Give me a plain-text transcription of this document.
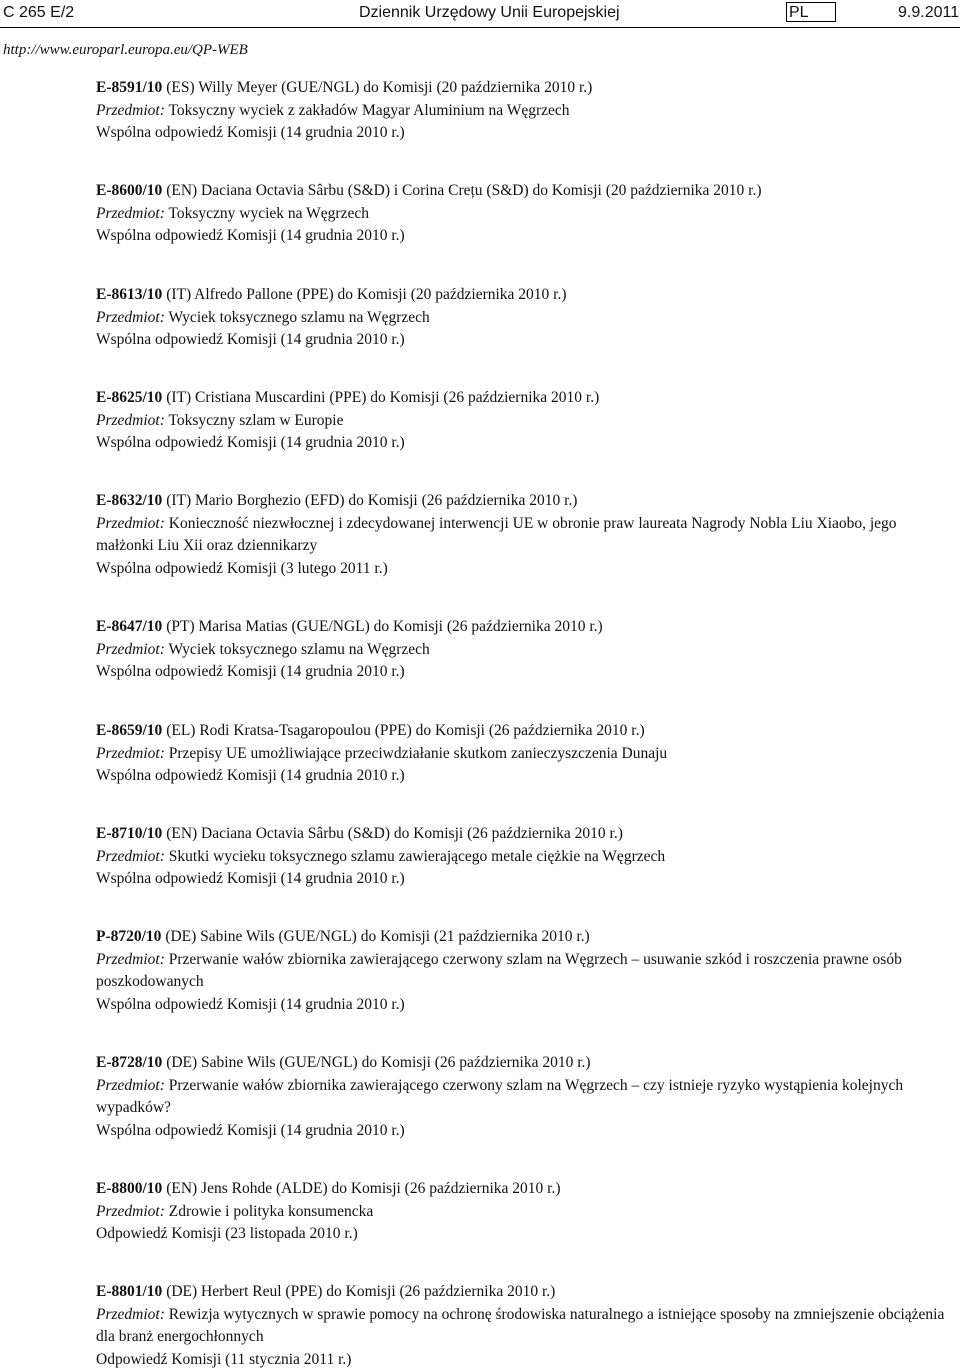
C 265 E/2	Dziennik Urzędowy Unii Europejskiej	PL	9.9.2011
http://www.europarl.europa.eu/QP-WEB
E-8591/10 (ES) Willy Meyer (GUE/NGL) do Komisji (20 października 2010 r.)
Przedmiot: Toksyczny wyciek z zakładów Magyar Aluminium na Węgrzech
Wspólna odpowiedź Komisji (14 grudnia 2010 r.)
E-8600/10 (EN) Daciana Octavia Sârbu (S&D) i Corina Crețu (S&D) do Komisji (20 października 2010 r.)
Przedmiot: Toksyczny wyciek na Węgrzech
Wspólna odpowiedź Komisji (14 grudnia 2010 r.)
E-8613/10 (IT) Alfredo Pallone (PPE) do Komisji (20 października 2010 r.)
Przedmiot: Wyciek toksycznego szlamu na Węgrzech
Wspólna odpowiedź Komisji (14 grudnia 2010 r.)
E-8625/10 (IT) Cristiana Muscardini (PPE) do Komisji (26 października 2010 r.)
Przedmiot: Toksyczny szlam w Europie
Wspólna odpowiedź Komisji (14 grudnia 2010 r.)
E-8632/10 (IT) Mario Borghezio (EFD) do Komisji (26 października 2010 r.)
Przedmiot: Konieczność niezwłocznej i zdecydowanej interwencji UE w obronie praw laureata Nagrody Nobla Liu Xiaobo, jego małżonki Liu Xii oraz dziennikarzy
Wspólna odpowiedź Komisji (3 lutego 2011 r.)
E-8647/10 (PT) Marisa Matias (GUE/NGL) do Komisji (26 października 2010 r.)
Przedmiot: Wyciek toksycznego szlamu na Węgrzech
Wspólna odpowiedź Komisji (14 grudnia 2010 r.)
E-8659/10 (EL) Rodi Kratsa-Tsagaropoulou (PPE) do Komisji (26 października 2010 r.)
Przedmiot: Przepisy UE umożliwiające przeciwdziałanie skutkom zanieczyszczenia Dunaju
Wspólna odpowiedź Komisji (14 grudnia 2010 r.)
E-8710/10 (EN) Daciana Octavia Sârbu (S&D) do Komisji (26 października 2010 r.)
Przedmiot: Skutki wycieku toksycznego szlamu zawierającego metale ciężkie na Węgrzech
Wspólna odpowiedź Komisji (14 grudnia 2010 r.)
P-8720/10 (DE) Sabine Wils (GUE/NGL) do Komisji (21 października 2010 r.)
Przedmiot: Przerwanie wałów zbiornika zawierającego czerwony szlam na Węgrzech – usuwanie szkód i roszczenia prawne osób poszkodowanych
Wspólna odpowiedź Komisji (14 grudnia 2010 r.)
E-8728/10 (DE) Sabine Wils (GUE/NGL) do Komisji (26 października 2010 r.)
Przedmiot: Przerwanie wałów zbiornika zawierającego czerwony szlam na Węgrzech – czy istnieje ryzyko wystąpienia kolejnych wypadków?
Wspólna odpowiedź Komisji (14 grudnia 2010 r.)
E-8800/10 (EN) Jens Rohde (ALDE) do Komisji (26 października 2010 r.)
Przedmiot: Zdrowie i polityka konsumencka
Odpowiedź Komisji (23 listopada 2010 r.)
E-8801/10 (DE) Herbert Reul (PPE) do Komisji (26 października 2010 r.)
Przedmiot: Rewizja wytycznych w sprawie pomocy na ochronę środowiska naturalnego a istniejące sposoby na zmniejszenie obciążenia dla branż energochłonnych
Odpowiedź Komisji (11 stycznia 2011 r.)
